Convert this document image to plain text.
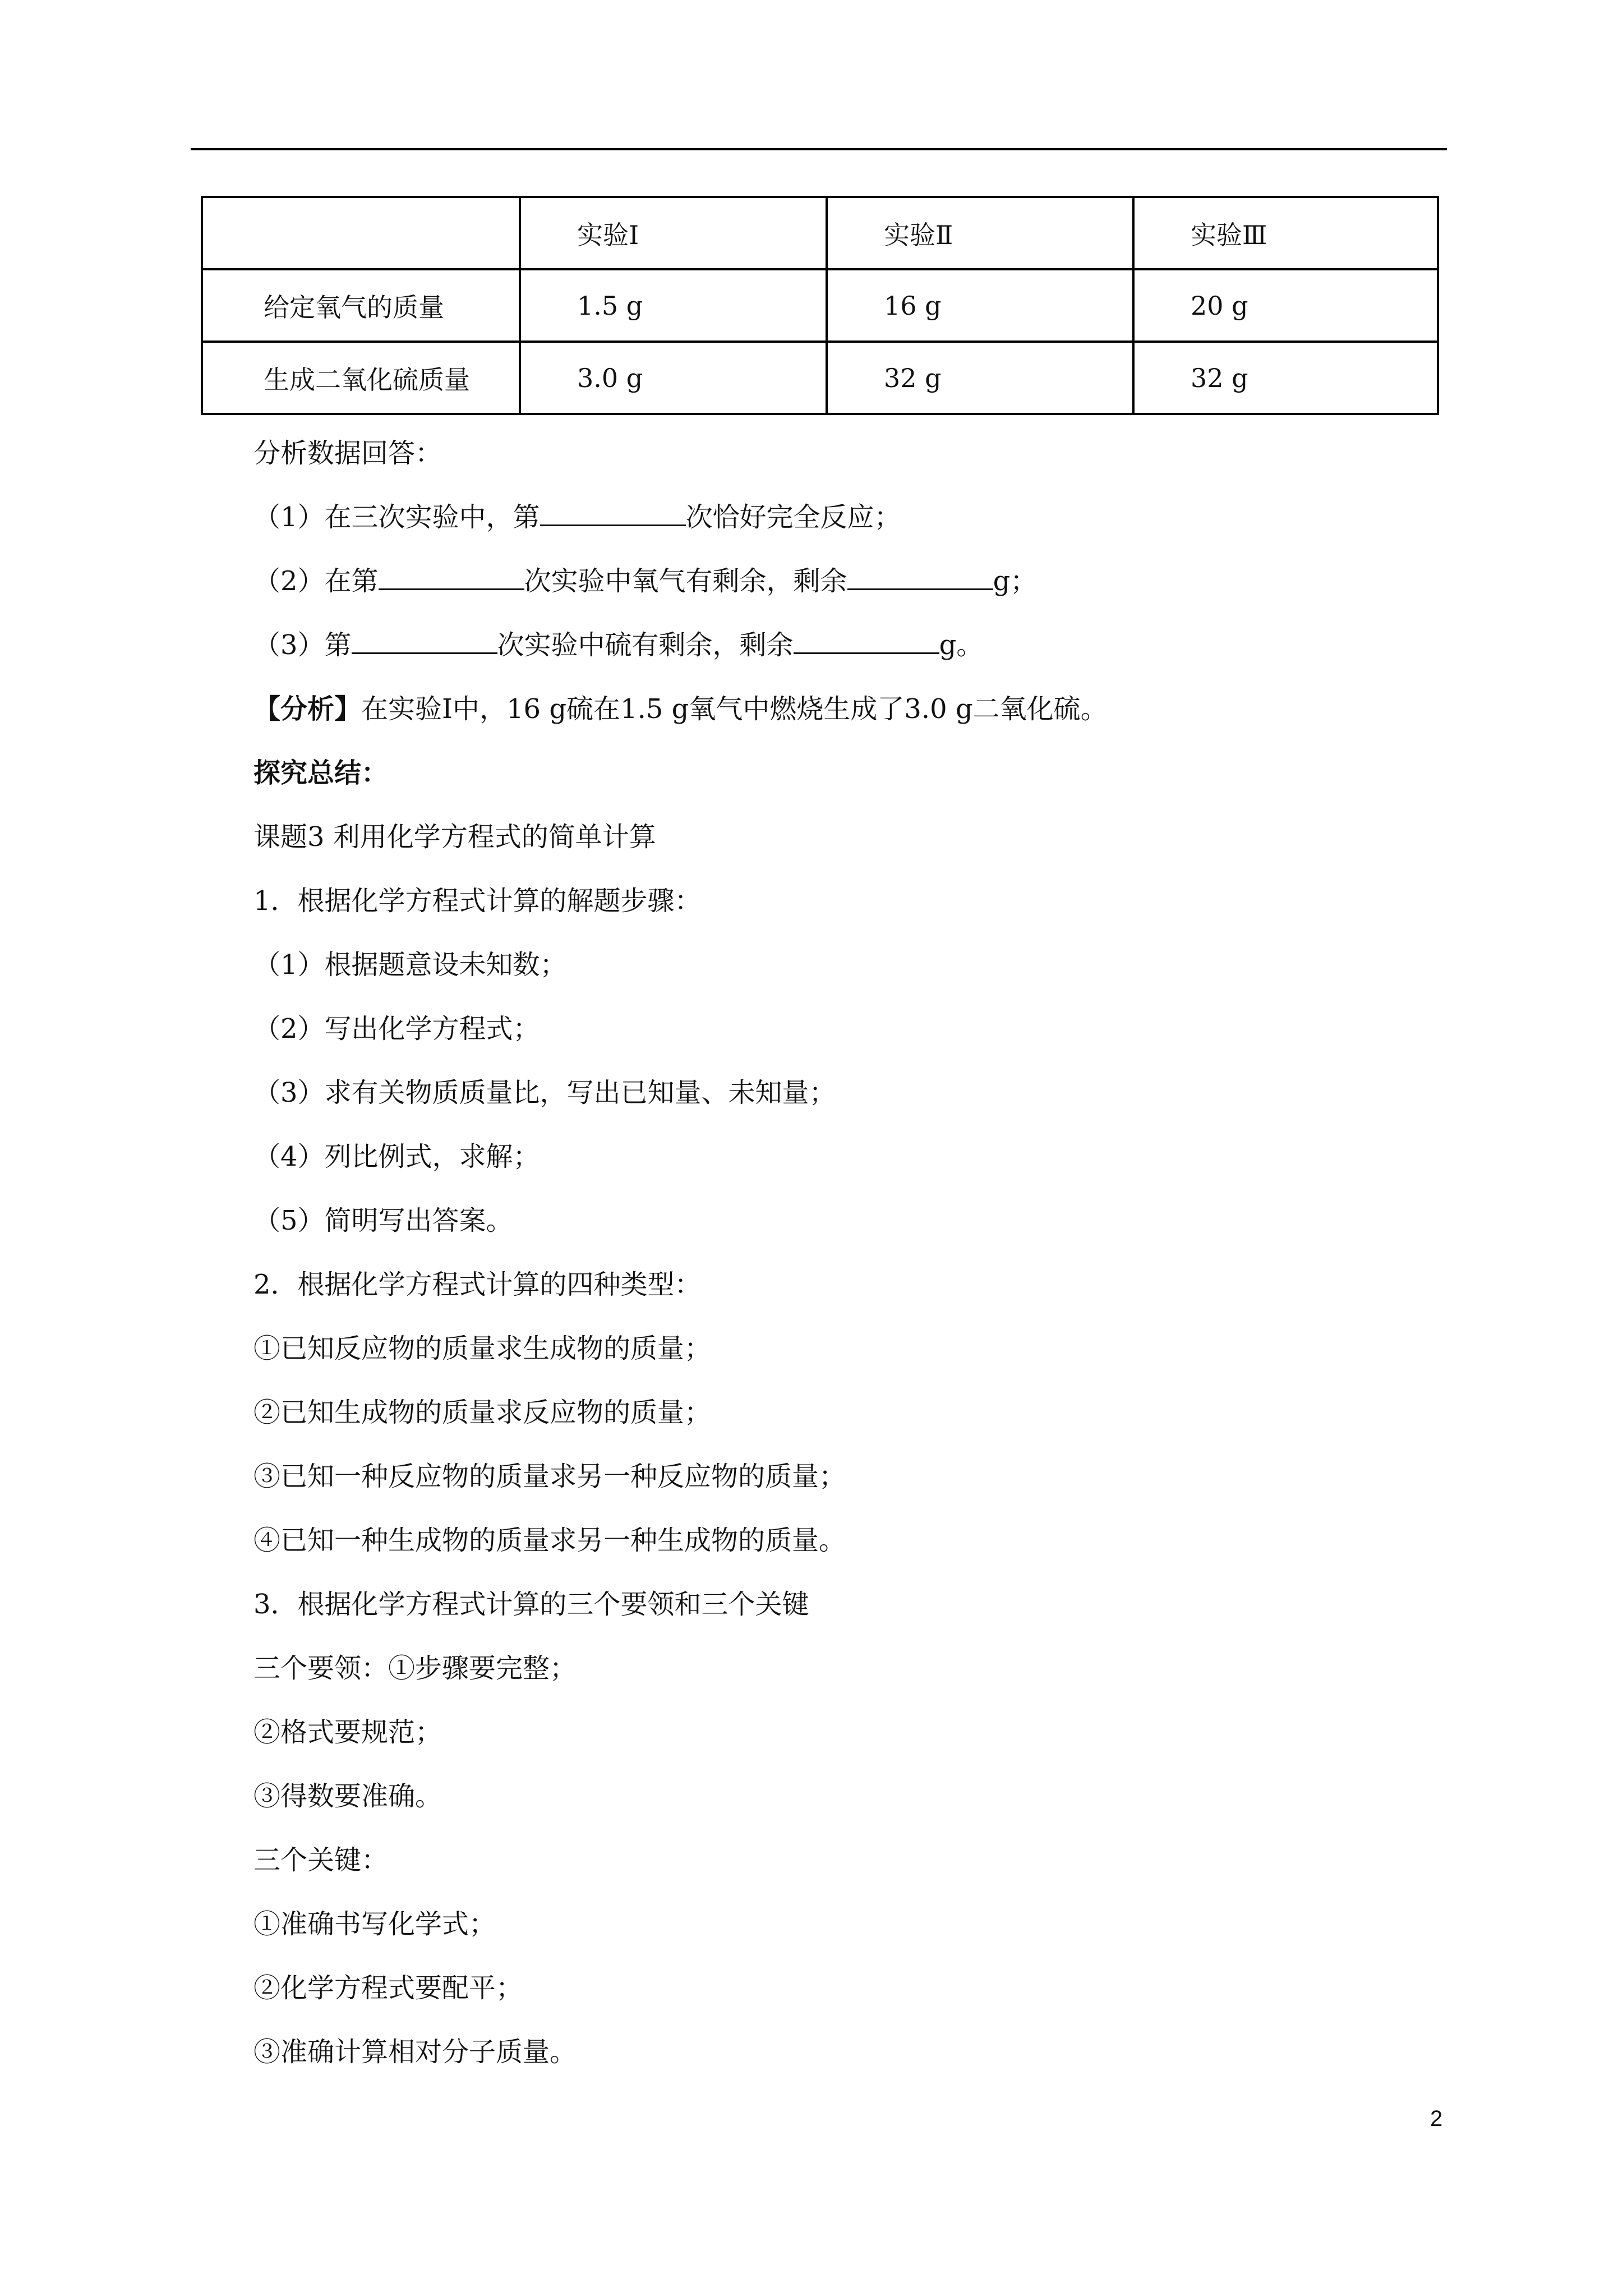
	实验Ⅰ	实验Ⅱ	实验Ⅲ
给定氧气的质量	1.5 g	16 g	20 g
生成二氧化硫质量	3.0 g	32 g	32 g
分析数据回答：
（1）在三次实验中，第	次恰好完全反应；
（2）在第	次实验中氧气有剩余，剩余	g；
（3）第	次实验中硫有剩余，剩余	g。
【分析】在实验Ⅰ中，16 g硫在1.5 g氧气中燃烧生成了3.0 g二氧化硫。
探究总结：
课题3 利用化学方程式的简单计算
1．根据化学方程式计算的解题步骤：
（1）根据题意设未知数；
（2）写出化学方程式；
（3）求有关物质质量比，写出已知量、未知量；
（4）列比例式，求解；
（5）简明写出答案。
2．根据化学方程式计算的四种类型：
①已知反应物的质量求生成物的质量；
②已知生成物的质量求反应物的质量；
③已知一种反应物的质量求另一种反应物的质量；
④已知一种生成物的质量求另一种生成物的质量。
3．根据化学方程式计算的三个要领和三个关键
三个要领：①步骤要完整；
②格式要规范；
③得数要准确。
三个关键：
①准确书写化学式；
②化学方程式要配平；
③准确计算相对分子质量。
2
